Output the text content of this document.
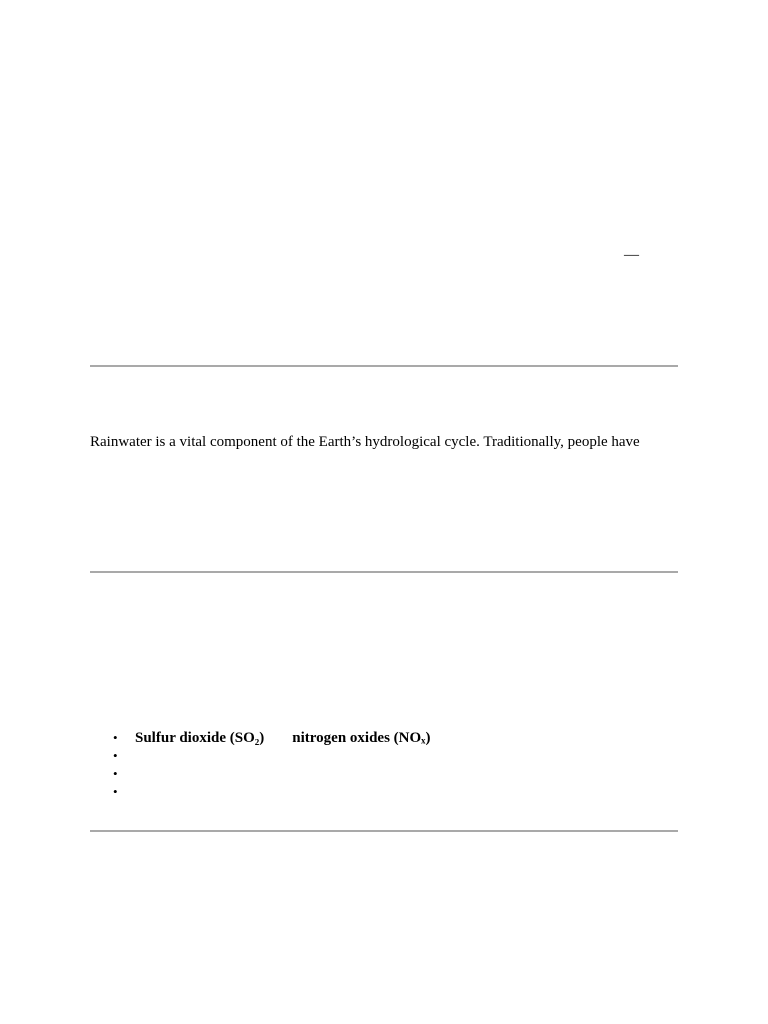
—

Rainwater is a vital component of the Earth’s hydrological cycle. Traditionally, people have

• Sulfur dioxide (SO₂) nitrogen oxides (NOₓ)
•
•
•
